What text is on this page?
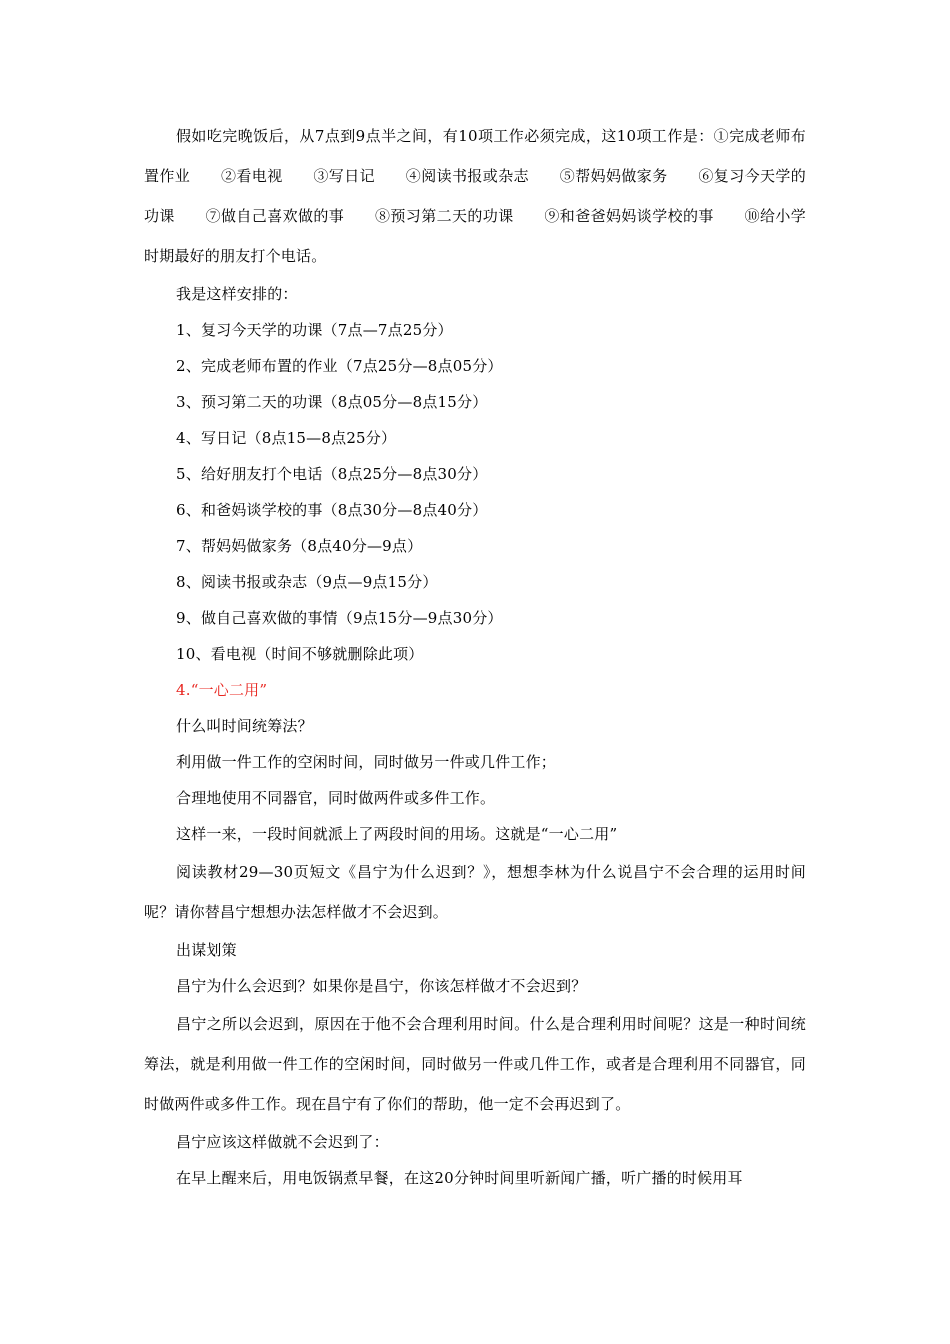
假如吃完晚饭后，从7点到9点半之间，有10项工作必须完成，这10项工作是：①完成老师布置作业　　②看电视　　③写日记　　④阅读书报或杂志　　⑤帮妈妈做家务　　⑥复习今天学的功课　　⑦做自己喜欢做的事　　⑧预习第二天的功课　　⑨和爸爸妈妈谈学校的事　　⑩给小学时期最好的朋友打个电话。

我是这样安排的：

1、复习今天学的功课（7点—7点25分）

2、完成老师布置的作业（7点25分—8点05分）

3、预习第二天的功课（8点05分—8点15分）

4、写日记（8点15—8点25分）

5、给好朋友打个电话（8点25分—8点30分）

6、和爸妈谈学校的事（8点30分—8点40分）

7、帮妈妈做家务（8点40分—9点）

8、阅读书报或杂志（9点—9点15分）

9、做自己喜欢做的事情（9点15分—9点30分）

10、看电视（时间不够就删除此项）

4.“一心二用”

什么叫时间统筹法？

利用做一件工作的空闲时间，同时做另一件或几件工作；

合理地使用不同器官，同时做两件或多件工作。

这样一来，一段时间就派上了两段时间的用场。这就是“一心二用”

阅读教材29—30页短文《昌宁为什么迟到？》，想想李林为什么说昌宁不会合理的运用时间呢？请你替昌宁想想办法怎样做才不会迟到。

出谋划策

昌宁为什么会迟到？如果你是昌宁，你该怎样做才不会迟到？

昌宁之所以会迟到，原因在于他不会合理利用时间。什么是合理利用时间呢？这是一种时间统筹法，就是利用做一件工作的空闲时间，同时做另一件或几件工作，或者是合理利用不同器官，同时做两件或多件工作。现在昌宁有了你们的帮助，他一定不会再迟到了。

昌宁应该这样做就不会迟到了：

在早上醒来后，用电饭锅煮早餐，在这20分钟时间里听新闻广播，听广播的时候用耳
